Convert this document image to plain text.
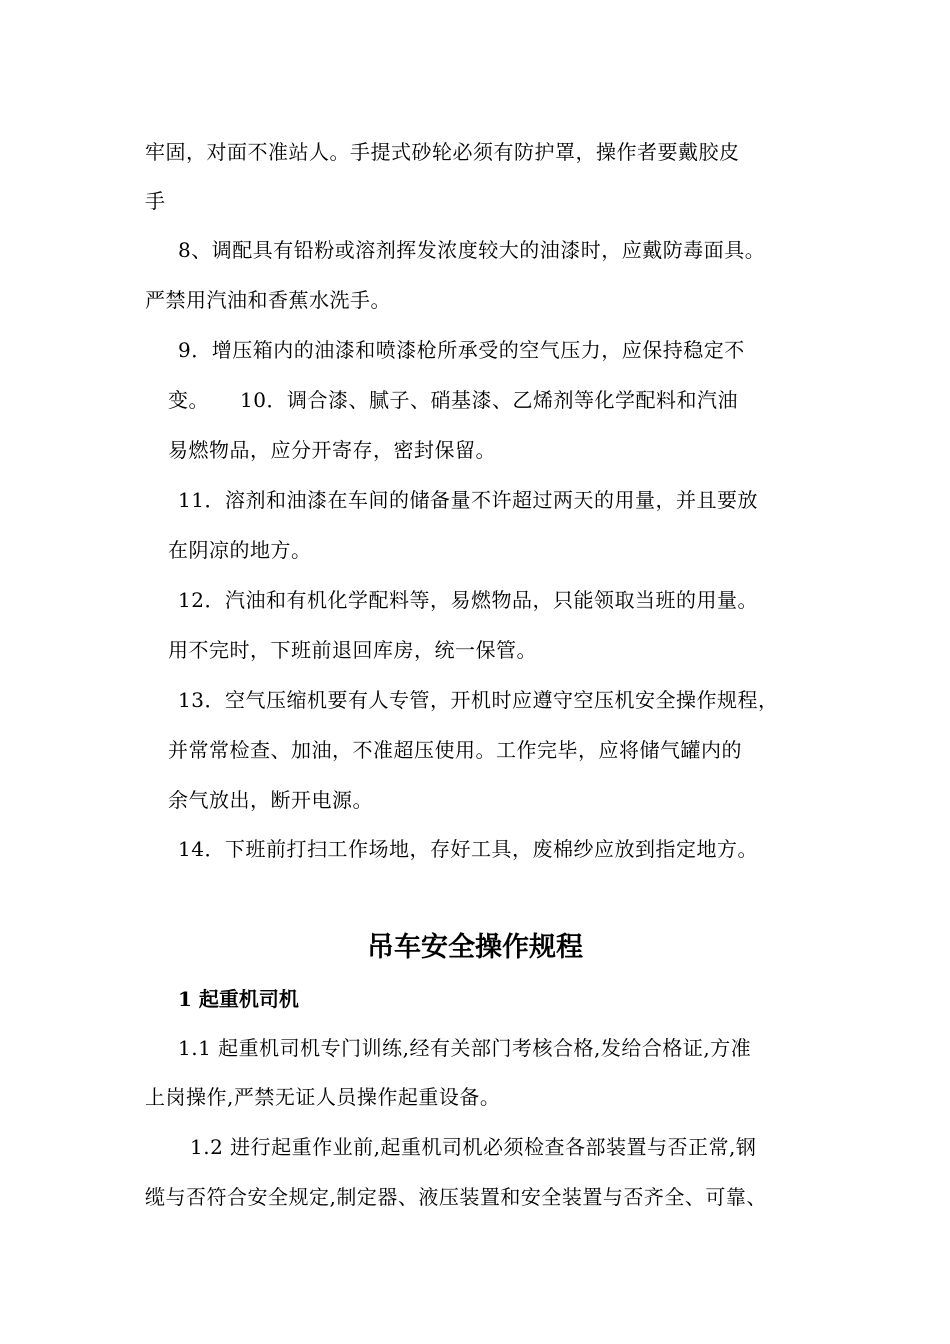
牢固，对面不准站人。手提式砂轮必须有防护罩，操作者要戴胶皮
手
8、调配具有铅粉或溶剂挥发浓度较大的油漆时，应戴防毒面具。
严禁用汽油和香蕉水洗手。
9．增压箱内的油漆和喷漆枪所承受的空气压力，应保持稳定不
变。　　10．调合漆、腻子、硝基漆、乙烯剂等化学配料和汽油
易燃物品，应分开寄存，密封保留。
11．溶剂和油漆在车间的储备量不许超过两天的用量，并且要放
在阴凉的地方。
12．汽油和有机化学配料等，易燃物品，只能领取当班的用量。
用不完时，下班前退回库房，统一保管。
13．空气压缩机要有人专管，开机时应遵守空压机安全操作规程，
并常常检查、加油，不准超压使用。工作完毕，应将储气罐内的
余气放出，断开电源。
14．下班前打扫工作场地，存好工具，废棉纱应放到指定地方。
吊车安全操作规程
1 起重机司机
1.1 起重机司机专门训练,经有关部门考核合格,发给合格证,方准
上岗操作,严禁无证人员操作起重设备。
1.2 进行起重作业前,起重机司机必须检查各部装置与否正常,钢
缆与否符合安全规定,制定器、液压装置和安全装置与否齐全、可靠、
